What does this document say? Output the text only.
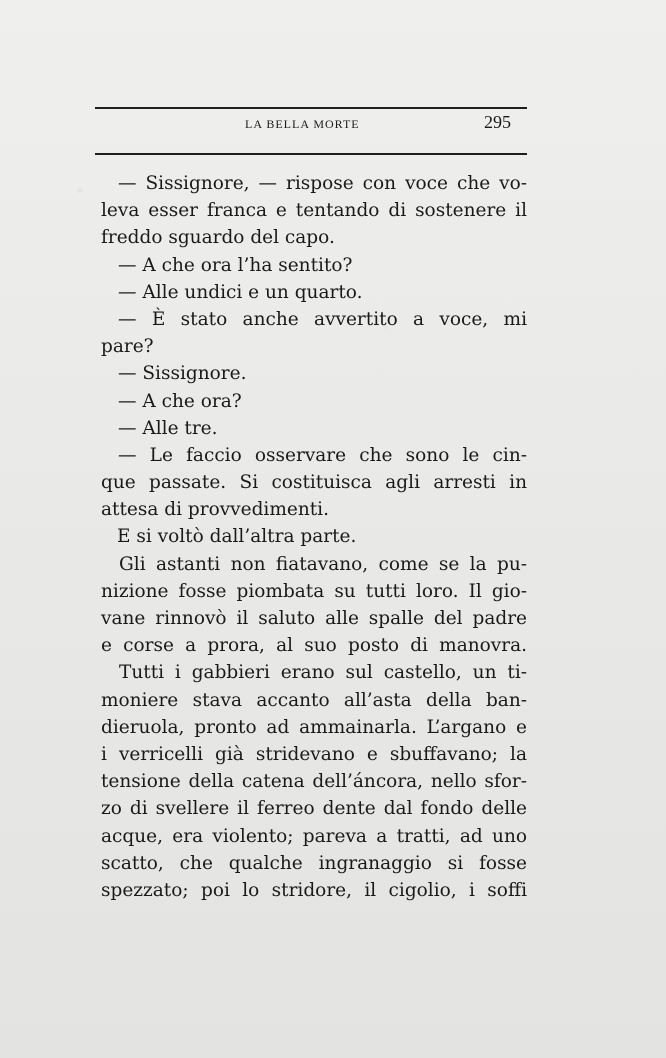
LA BELLA MORTE	295
— Sissignore, — rispose con voce che vo-
leva esser franca e tentando di sostenere il
freddo sguardo del capo.
— A che ora l’ha sentito?
— Alle undici e un quarto.
— È stato anche avvertito a voce, mi
pare?
— Sissignore.
— A che ora?
— Alle tre.
— Le faccio osservare che sono le cin-
que passate. Si costituisca agli arresti in
attesa di provvedimenti.
E si voltò dall’altra parte.
Gli astanti non fiatavano, come se la pu-
nizione fosse piombata su tutti loro. Il gio-
vane rinnovò il saluto alle spalle del padre
e corse a prora, al suo posto di manovra.
Tutti i gabbieri erano sul castello, un ti-
moniere stava accanto all’asta della ban-
dieruola, pronto ad ammainarla. L’argano e
i verricelli già stridevano e sbuffavano; la
tensione della catena dell’áncora, nello sfor-
zo di svellere il ferreo dente dal fondo delle
acque, era violento; pareva a tratti, ad uno
scatto, che qualche ingranaggio si fosse
spezzato; poi lo stridore, il cigolio, i soffi
